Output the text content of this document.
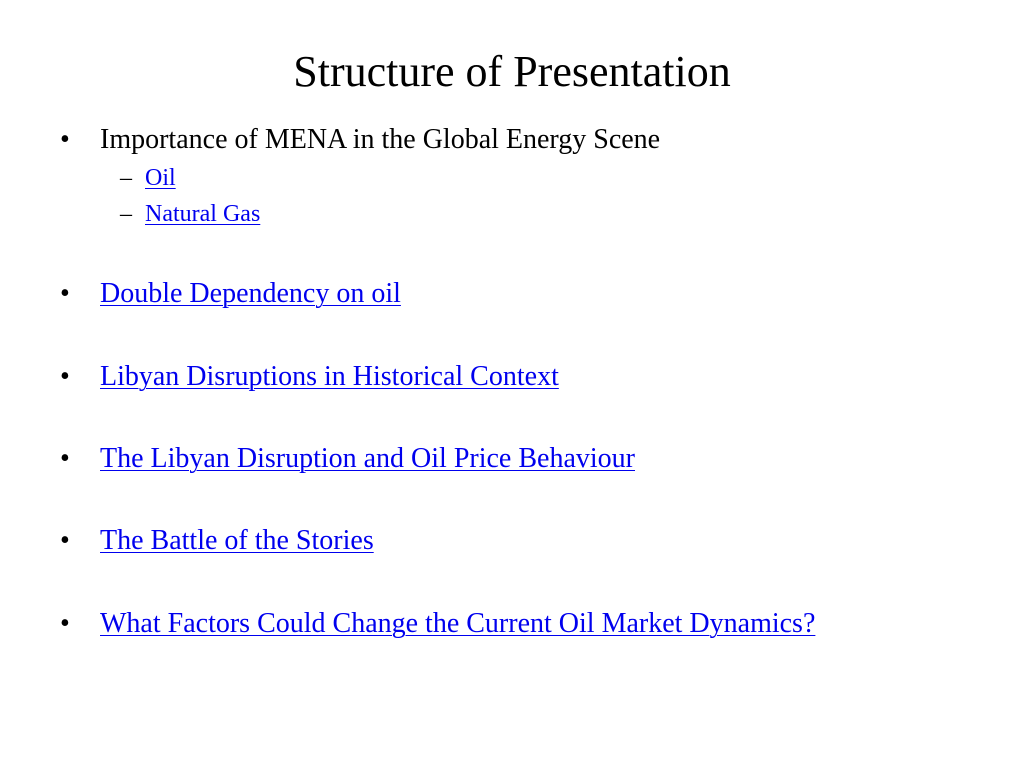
Structure of Presentation
•	Importance of MENA in the Global Energy Scene
– Oil
– Natural Gas
•	Double Dependency on oil
•	Libyan Disruptions in Historical Context
•	The Libyan Disruption and Oil Price Behaviour
•	The Battle of the Stories
•	What Factors Could Change the Current Oil Market Dynamics?
